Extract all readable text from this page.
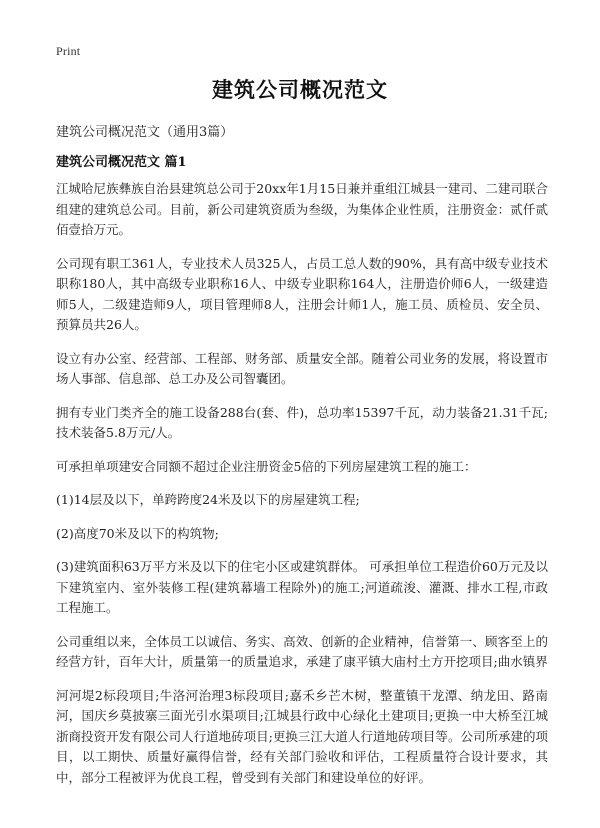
Print
建筑公司概况范文

建筑公司概况范文（通用3篇）

建筑公司概况范文 篇1

江城哈尼族彝族自治县建筑总公司于20xx年1月15日兼并重组江城县一建司、二建司联合组建的建筑总公司。目前，新公司建筑资质为叁级，为集体企业性质，注册资金：贰仟贰佰壹拾万元。

公司现有职工361人，专业技术人员325人，占员工总人数的90%，具有高中级专业技术职称180人，其中高级专业职称16人、中级专业职称164人，注册造价师6人，一级建造师5人，二级建造师9人，项目管理师8人，注册会计师1人，施工员、质检员、安全员、预算员共26人。

设立有办公室、经营部、工程部、财务部、质量安全部。随着公司业务的发展，将设置市场人事部、信息部、总工办及公司智囊团。

拥有专业门类齐全的施工设备288台(套、件)，总功率15397千瓦，动力装备21.31千瓦;技术装备5.8万元/人。

可承担单项建安合同额不超过企业注册资金5倍的下列房屋建筑工程的施工：

(1)14层及以下，单跨跨度24米及以下的房屋建筑工程;

(2)高度70米及以下的构筑物;

(3)建筑面积63万平方米及以下的住宅小区或建筑群体。 可承担单位工程造价60万元及以下建筑室内、室外装修工程(建筑幕墙工程除外)的施工;河道疏浚、灌溉、排水工程,市政工程施工。

公司重组以来，全体员工以诚信、务实、高效、创新的企业精神，信誉第一、顾客至上的经营方针，百年大计，质量第一的质量追求，承建了康平镇大庙村土方开挖项目;曲水镇界

河河堤2标段项目;牛洛河治理3标段项目;嘉禾乡芒木树，整董镇干龙潭、纳龙田、路南河，国庆乡莫披寨三面光引水渠项目;江城县行政中心绿化土建项目;更换一中大桥至江城浙商投资开发有限公司人行道地砖项目;更换三江大道人行道地砖项目等。公司所承建的项目，以工期快、质量好赢得信誉，经有关部门验收和评估，工程质量符合设计要求，其中，部分工程被评为优良工程，曾受到有关部门和建设单位的好评。
